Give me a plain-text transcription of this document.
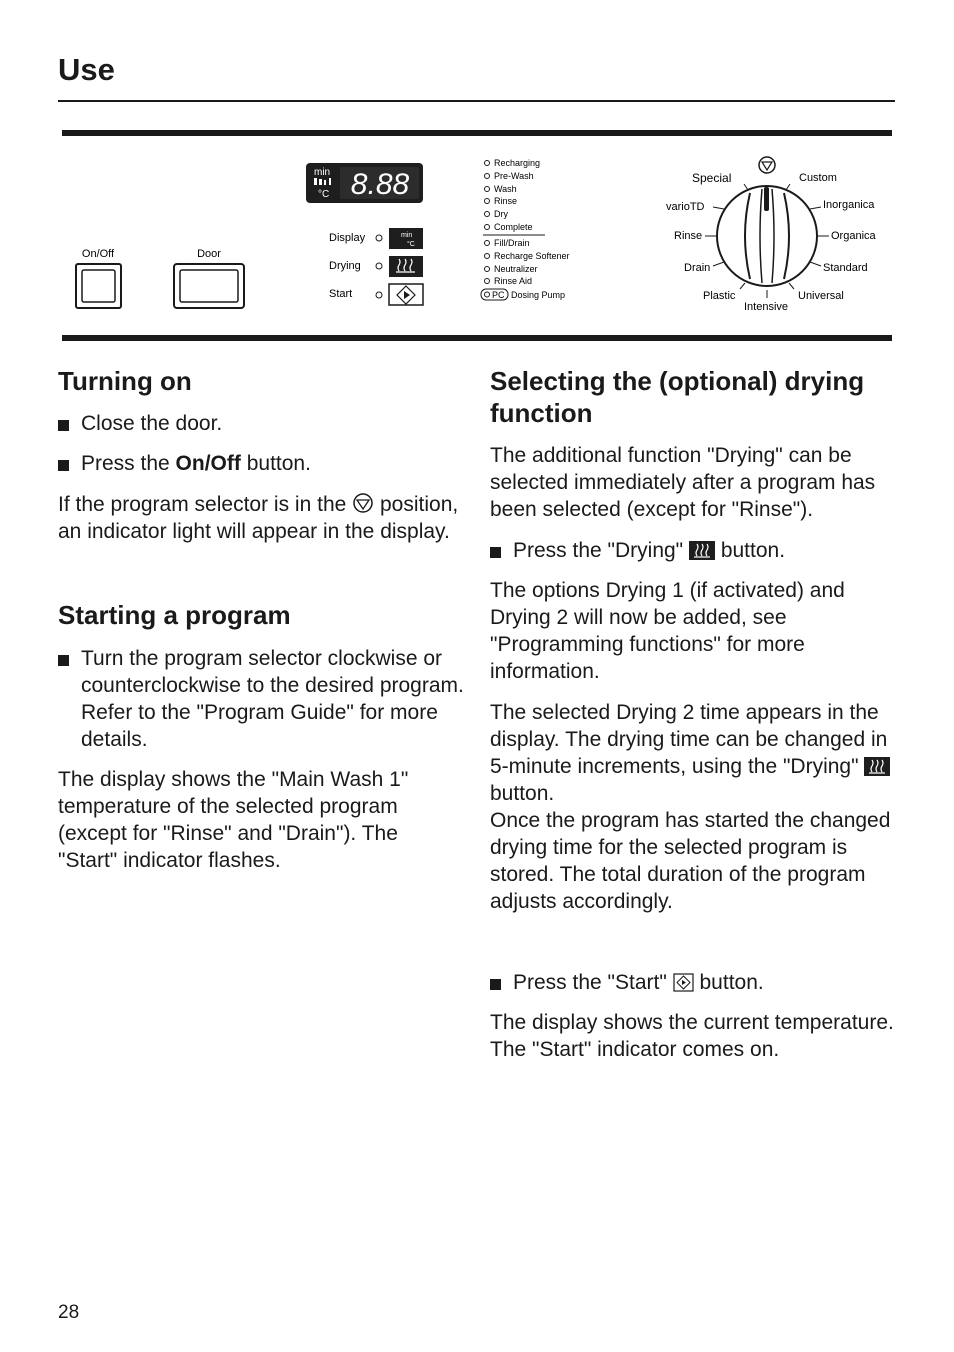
Use
On/Off	Door
min
°C 8.88
Display	min
°C
Drying
Start
Recharging
Pre-Wash
Wash
Rinse
Dry
Complete
Fill/Drain
Recharge Softener
Neutralizer
Rinse Aid
PC Dosing Pump
Special	Custom
varioTD	Inorganica
Rinse	Organica
Drain	Standard
Plastic	Universal
Intensive
Turning on

Close the door.

Press the On/Off button.

If the program selector is in the position, an indicator light will appear in the display.

Starting a program

Turn the program selector clockwise or counterclockwise to the desired program. Refer to the "Program Guide" for more details.

The display shows the "Main Wash 1" temperature of the selected program (except for "Rinse" and "Drain"). The "Start" indicator flashes.

Selecting the (optional) drying function

The additional function "Drying" can be selected immediately after a program has been selected (except for "Rinse").

Press the "Drying" button.

The options Drying 1 (if activated) and Drying 2 will now be added, see "Programming functions" for more information.

The selected Drying 2 time appears in the display. The drying time can be changed in 5-minute increments, using the "Drying"  button.
Once the program has started the changed drying time for the selected program is stored. The total duration of the program adjusts accordingly.

Press the "Start" button.

The display shows the current temperature.
The "Start" indicator comes on.

28
